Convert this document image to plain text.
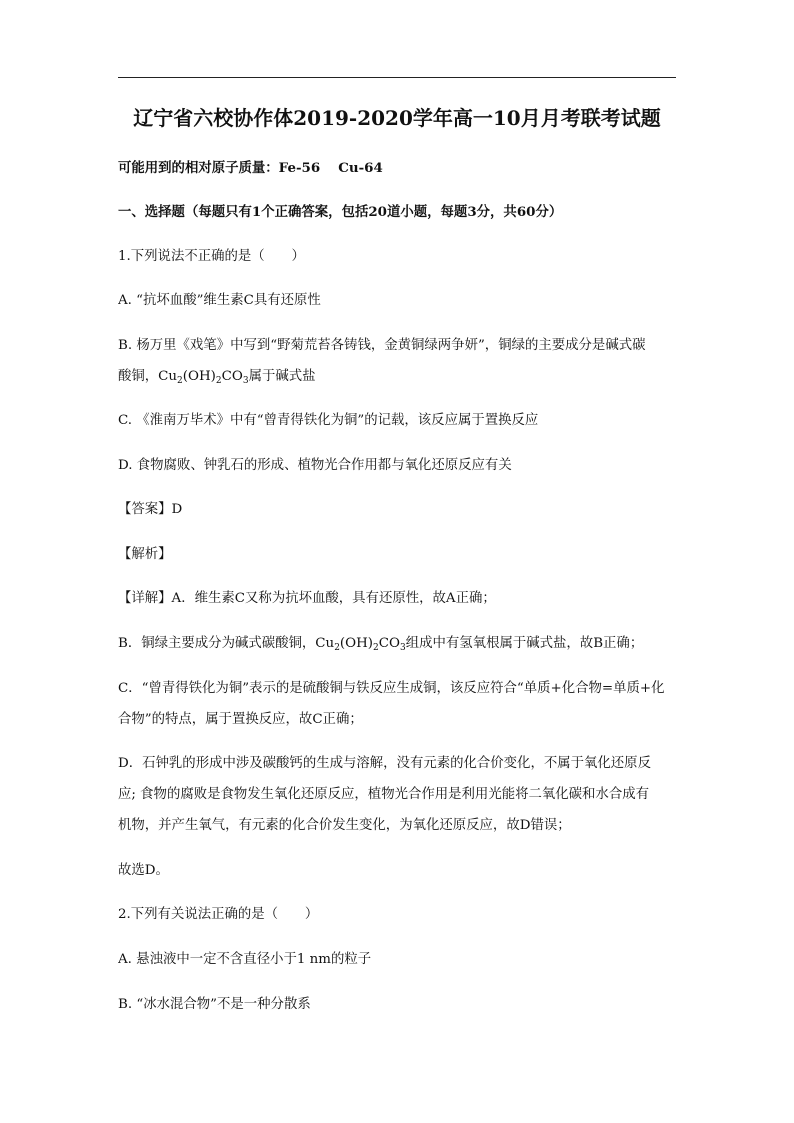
辽宁省六校协作体2019-2020学年高一10月月考联考试题
可能用到的相对原子质量：Fe-56　 Cu-64
一、选择题（每题只有1个正确答案，包括20道小题，每题3分，共60分）
1.下列说法不正确的是（　　）
A. “抗坏血酸”维生素C具有还原性
B. 杨万里《戏笔》中写到“野菊荒苔各铸钱，金黄铜绿两争妍”，铜绿的主要成分是碱式碳
酸铜，$Cu_2(OH)_2CO_3$属于碱式盐
C. 《淮南万毕术》中有“曾青得铁化为铜”的记载，该反应属于置换反应
D. 食物腐败、钟乳石的形成、植物光合作用都与氧化还原反应有关
【答案】D
【解析】
【详解】A．维生素C又称为抗坏血酸，具有还原性，故A正确；
B．铜绿主要成分为碱式碳酸铜，$Cu_2(OH)_2CO_3$组成中有氢氧根属于碱式盐，故B正确；
C．“曾青得铁化为铜”表示的是硫酸铜与铁反应生成铜，该反应符合“单质+化合物=单质+化
合物”的特点，属于置换反应，故C正确；
D．石钟乳的形成中涉及碳酸钙的生成与溶解，没有元素的化合价变化，不属于氧化还原反
应; 食物的腐败是食物发生氧化还原反应，植物光合作用是利用光能将二氧化碳和水合成有
机物，并产生氧气，有元素的化合价发生变化，为氧化还原反应，故D错误；
故选D。
2.下列有关说法正确的是（　　）
A. 悬浊液中一定不含直径小于1 nm的粒子
B. “冰水混合物”不是一种分散系
